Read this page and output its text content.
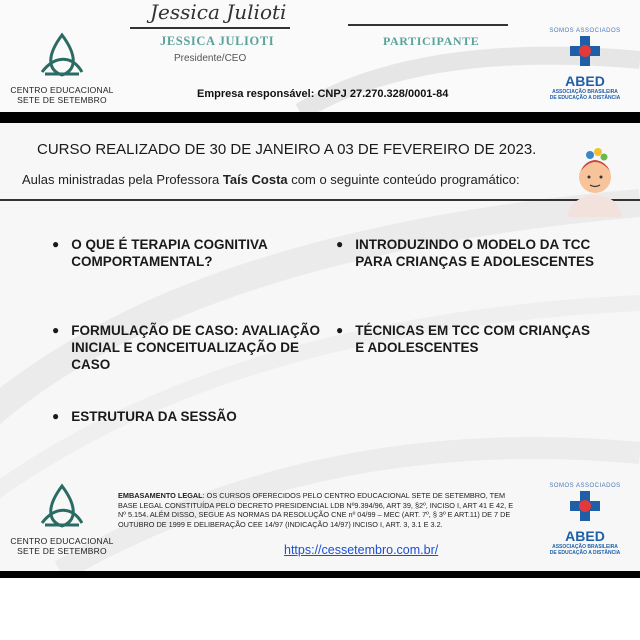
Jessica Julioti
JESSICA JULIOTI
Presidente/CEO
PARTICIPANTE
CENTRO EDUCACIONAL
SETE DE SETEMBRO
SOMOS ASSOCIADOS
ABED
ASSOCIAÇÃO BRASILEIRA
DE EDUCAÇÃO A DISTÂNCIA
Empresa responsável: CNPJ 27.270.328/0001-84
CURSO REALIZADO DE 30 DE JANEIRO A 03 DE FEVEREIRO DE 2023.
Aulas ministradas pela Professora Taís Costa com o seguinte conteúdo programático:
● O QUE É TERAPIA COGNITIVA COMPORTAMENTAL?
● INTRODUZINDO O MODELO DA TCC PARA CRIANÇAS E ADOLESCENTES
● FORMULAÇÃO DE CASO: AVALIAÇÃO INICIAL E CONCEITUALIZAÇÃO DE CASO
● TÉCNICAS EM TCC COM CRIANÇAS E ADOLESCENTES
● ESTRUTURA DA SESSÃO
CENTRO EDUCACIONAL
SETE DE SETEMBRO
EMBASAMENTO LEGAL: OS CURSOS OFERECIDOS PELO CENTRO EDUCACIONAL SETE DE SETEMBRO, TEM BASE LEGAL CONSTITUÍDA PELO DECRETO PRESIDENCIAL LDB Nº9.394/96, ART 39, §2º, INCISO I, ART 41 E 42, E Nº 5.154. ALÉM DISSO, SEGUE AS NORMAS DA RESOLUÇÃO CNE nº 04/99 – MEC (ART. 7º, § 3º E ART.11) DE 7 DE OUTUBRO DE 1999 E DELIBERAÇÃO CEE 14/97 (INDICAÇÃO 14/97) INCISO I, ART. 3, 3.1 E 3.2.
https://cessetembro.com.br/
SOMOS ASSOCIADOS
ABED
ASSOCIAÇÃO BRASILEIRA
DE EDUCAÇÃO A DISTÂNCIA
